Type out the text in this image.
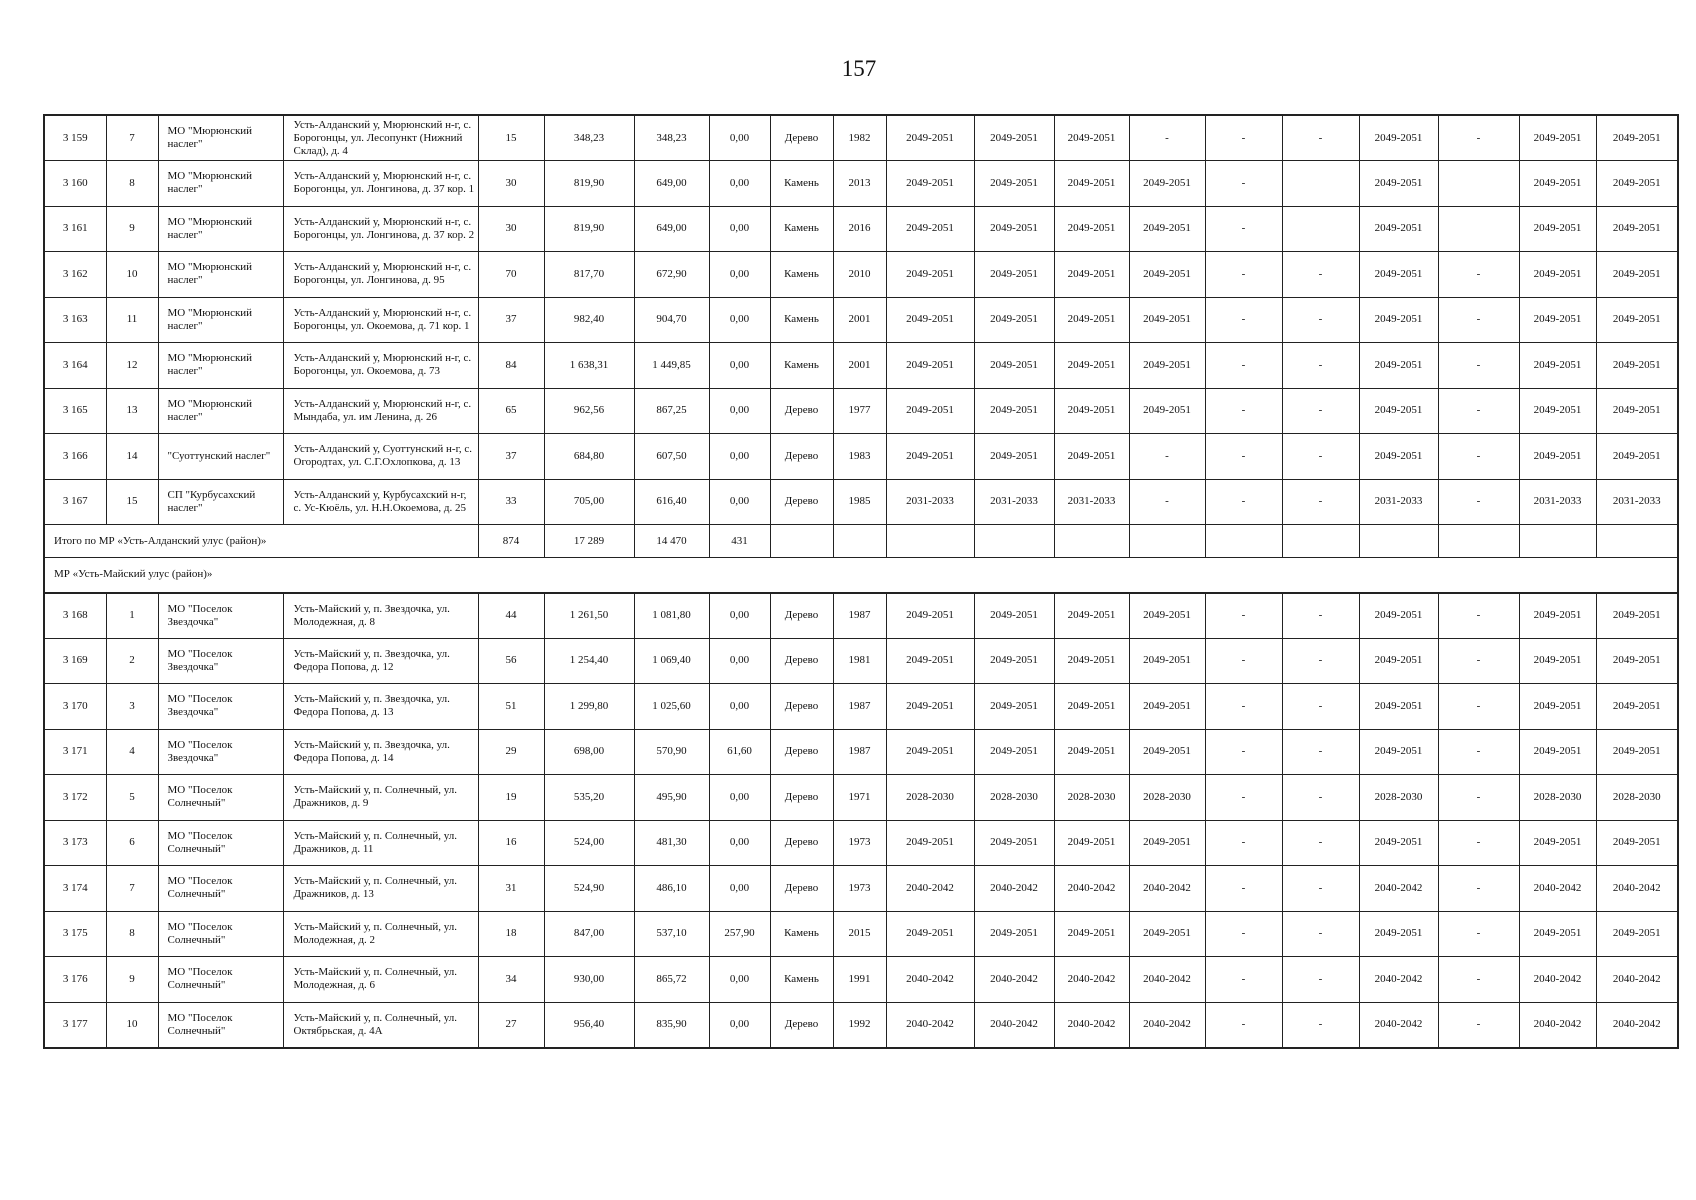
157
3 159	7	МО "Мюрюнский наслег"	Усть-Алданский у, Мюрюнский н-г, с. Борогонцы, ул. Лесопункт (Нижний Склад), д. 4	15	348,23	348,23	0,00	Дерево	1982	2049-2051	2049-2051	2049-2051	-	-	-	2049-2051	-	2049-2051	2049-2051
3 160	8	МО "Мюрюнский наслег"	Усть-Алданский у, Мюрюнский н-г, с. Борогонцы, ул. Лонгинова, д. 37 кор. 1	30	819,90	649,00	0,00	Камень	2013	2049-2051	2049-2051	2049-2051	2049-2051	-		2049-2051		2049-2051	2049-2051
3 161	9	МО "Мюрюнский наслег"	Усть-Алданский у, Мюрюнский н-г, с. Борогонцы, ул. Лонгинова, д. 37 кор. 2	30	819,90	649,00	0,00	Камень	2016	2049-2051	2049-2051	2049-2051	2049-2051	-		2049-2051		2049-2051	2049-2051
3 162	10	МО "Мюрюнский наслег"	Усть-Алданский у, Мюрюнский н-г, с. Борогонцы, ул. Лонгинова, д. 95	70	817,70	672,90	0,00	Камень	2010	2049-2051	2049-2051	2049-2051	2049-2051	-	-	2049-2051	-	2049-2051	2049-2051
3 163	11	МО "Мюрюнский наслег"	Усть-Алданский у, Мюрюнский н-г, с. Борогонцы, ул. Окоемова, д. 71 кор. 1	37	982,40	904,70	0,00	Камень	2001	2049-2051	2049-2051	2049-2051	2049-2051	-	-	2049-2051	-	2049-2051	2049-2051
3 164	12	МО "Мюрюнский наслег"	Усть-Алданский у, Мюрюнский н-г, с. Борогонцы, ул. Окоемова, д. 73	84	1 638,31	1 449,85	0,00	Камень	2001	2049-2051	2049-2051	2049-2051	2049-2051	-	-	2049-2051	-	2049-2051	2049-2051
3 165	13	МО "Мюрюнский наслег"	Усть-Алданский у, Мюрюнский н-г, с. Мындаба, ул. им Ленина, д. 26	65	962,56	867,25	0,00	Дерево	1977	2049-2051	2049-2051	2049-2051	2049-2051	-	-	2049-2051	-	2049-2051	2049-2051
3 166	14	"Суоттунский наслег"	Усть-Алданский у, Суоттунский н-г, с. Огородтах, ул. С.Г.Охлопкова, д. 13	37	684,80	607,50	0,00	Дерево	1983	2049-2051	2049-2051	2049-2051	-	-	-	2049-2051	-	2049-2051	2049-2051
3 167	15	СП "Курбусахский наслег"	Усть-Алданский у, Курбусахский н-г, с. Ус-Кюёль, ул. Н.Н.Окоемова, д. 25	33	705,00	616,40	0,00	Дерево	1985	2031-2033	2031-2033	2031-2033	-	-	-	2031-2033	-	2031-2033	2031-2033
Итого по МР «Усть-Алданский улус (район)»				874	17 289	14 470	431												
МР «Усть-Майский улус (район)»																			
3 168	1	МО "Поселок Звездочка"	Усть-Майский у, п. Звездочка, ул. Молодежная, д. 8	44	1 261,50	1 081,80	0,00	Дерево	1987	2049-2051	2049-2051	2049-2051	2049-2051	-	-	2049-2051	-	2049-2051	2049-2051
3 169	2	МО "Поселок Звездочка"	Усть-Майский у, п. Звездочка, ул. Федора Попова, д. 12	56	1 254,40	1 069,40	0,00	Дерево	1981	2049-2051	2049-2051	2049-2051	2049-2051	-	-	2049-2051	-	2049-2051	2049-2051
3 170	3	МО "Поселок Звездочка"	Усть-Майский у, п. Звездочка, ул. Федора Попова, д. 13	51	1 299,80	1 025,60	0,00	Дерево	1987	2049-2051	2049-2051	2049-2051	2049-2051	-	-	2049-2051	-	2049-2051	2049-2051
3 171	4	МО "Поселок Звездочка"	Усть-Майский у, п. Звездочка, ул. Федора Попова, д. 14	29	698,00	570,90	61,60	Дерево	1987	2049-2051	2049-2051	2049-2051	2049-2051	-	-	2049-2051	-	2049-2051	2049-2051
3 172	5	МО "Поселок Солнечный"	Усть-Майский у, п. Солнечный, ул. Дражников, д. 9	19	535,20	495,90	0,00	Дерево	1971	2028-2030	2028-2030	2028-2030	2028-2030	-	-	2028-2030	-	2028-2030	2028-2030
3 173	6	МО "Поселок Солнечный"	Усть-Майский у, п. Солнечный, ул. Дражников, д. 11	16	524,00	481,30	0,00	Дерево	1973	2049-2051	2049-2051	2049-2051	2049-2051	-	-	2049-2051	-	2049-2051	2049-2051
3 174	7	МО "Поселок Солнечный"	Усть-Майский у, п. Солнечный, ул. Дражников, д. 13	31	524,90	486,10	0,00	Дерево	1973	2040-2042	2040-2042	2040-2042	2040-2042	-	-	2040-2042	-	2040-2042	2040-2042
3 175	8	МО "Поселок Солнечный"	Усть-Майский у, п. Солнечный, ул. Молодежная, д. 2	18	847,00	537,10	257,90	Камень	2015	2049-2051	2049-2051	2049-2051	2049-2051	-	-	2049-2051	-	2049-2051	2049-2051
3 176	9	МО "Поселок Солнечный"	Усть-Майский у, п. Солнечный, ул. Молодежная, д. 6	34	930,00	865,72	0,00	Камень	1991	2040-2042	2040-2042	2040-2042	2040-2042	-	-	2040-2042	-	2040-2042	2040-2042
3 177	10	МО "Поселок Солнечный"	Усть-Майский у, п. Солнечный, ул. Октябрьская, д. 4А	27	956,40	835,90	0,00	Дерево	1992	2040-2042	2040-2042	2040-2042	2040-2042	-	-	2040-2042	-	2040-2042	2040-2042
